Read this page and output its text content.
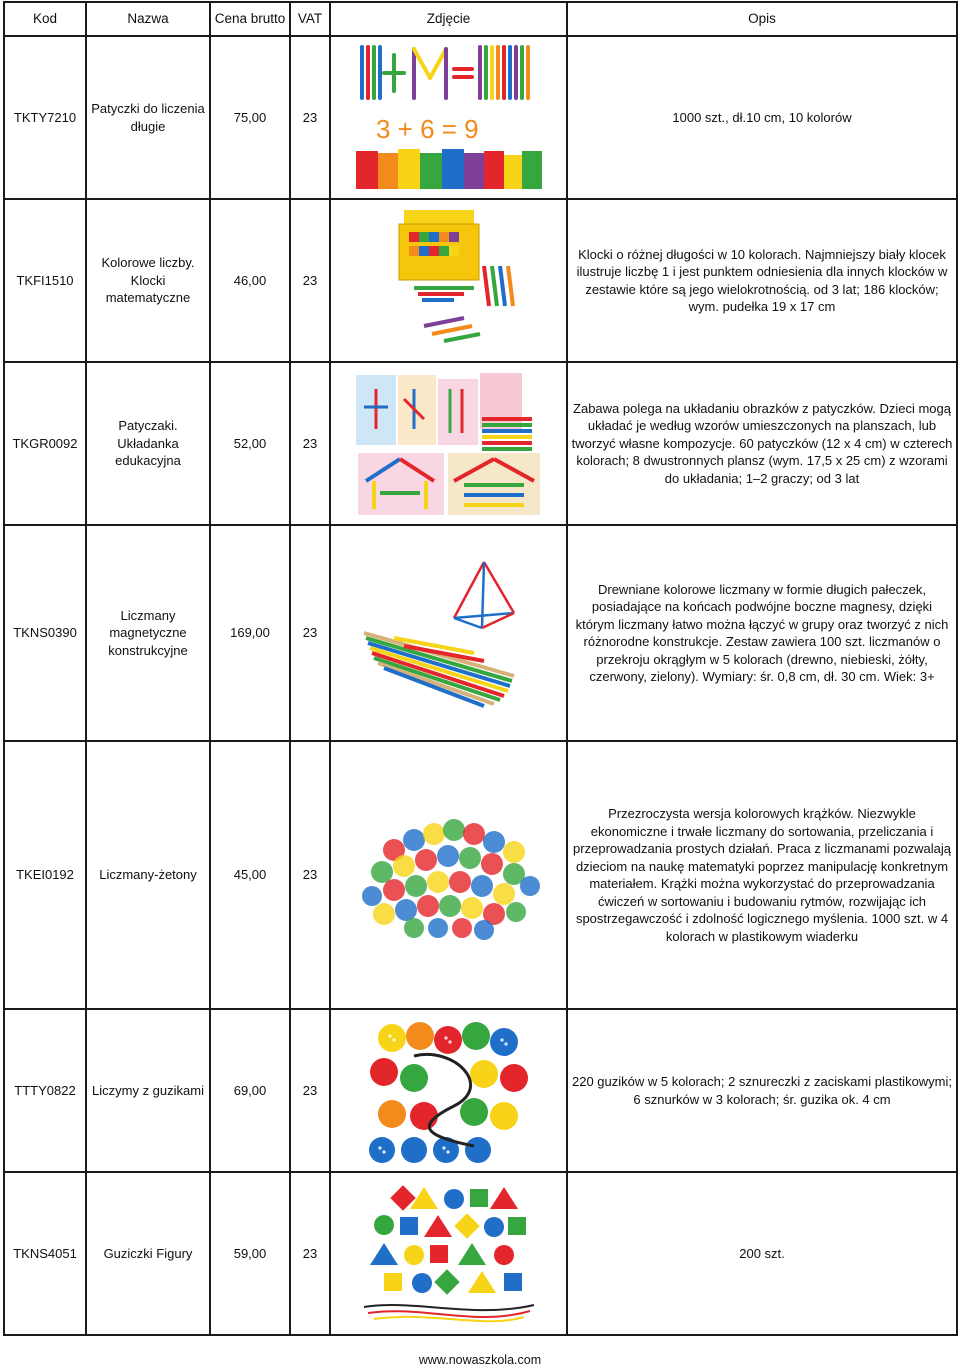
Kod	Nazwa	Cena brutto	VAT	Zdjęcie	Opis
TKTY7210	Patyczki do liczenia długie	75,00	23	3 + 6 = 9	1000 szt., dł.10 cm, 10 kolorów
TKFI1510	Kolorowe liczby. Klocki matematyczne	46,00	23		Klocki o różnej długości w 10 kolorach. Najmniejszy biały klocek ilustruje liczbę 1 i jest punktem odniesienia dla innych klocków w zestawie które są jego wielokrotnością. od 3 lat; 186 klocków; wym. pudełka 19 x 17 cm
TKGR0092	Patyczaki. Układanka edukacyjna	52,00	23		Zabawa polega na układaniu obrazków z patyczków. Dzieci mogą układać je według wzorów umieszczonych na planszach, lub tworzyć własne kompozycje. 60 patyczków (12 x 4 cm) w czterech kolorach; 8 dwustronnych plansz (wym. 17,5 x 25 cm) z wzorami do układania; 1–2 graczy; od 3 lat
TKNS0390	Liczmany magnetyczne konstrukcyjne	169,00	23		Drewniane kolorowe liczmany w formie długich pałeczek, posiadające na końcach podwójne boczne magnesy, dzięki którym liczmany łatwo można łączyć w grupy oraz tworzyć z nich różnorodne konstrukcje. Zestaw zawiera 100 szt. liczmanów o przekroju okrągłym w 5 kolorach (drewno, niebieski, żółty, czerwony, zielony). Wymiary: śr. 0,8 cm, dł. 30 cm. Wiek: 3+
TKEI0192	Liczmany-żetony	45,00	23		Przezroczysta wersja kolorowych krążków. Niezwykle ekonomiczne i trwałe liczmany do sortowania, przeliczania i przeprowadzania prostych działań. Praca z liczmanami pozwalają dzieciom na naukę matematyki poprzez manipulację konkretnym materiałem. Krążki można wykorzystać do przeprowadzania ćwiczeń w sortowaniu i budowaniu rytmów, rozwijając ich spostrzegawczość i zdolność logicznego myślenia. 1000 szt. w 4 kolorach w plastikowym wiaderku
TTTY0822	Liczymy z guzikami	69,00	23		220 guzików w 5 kolorach; 2 sznureczki z zaciskami plastikowymi; 6 sznurków w 3 kolorach; śr. guzika ok. 4 cm
TKNS4051	Guziczki Figury	59,00	23		200 szt.
www.nowaszkola.com
